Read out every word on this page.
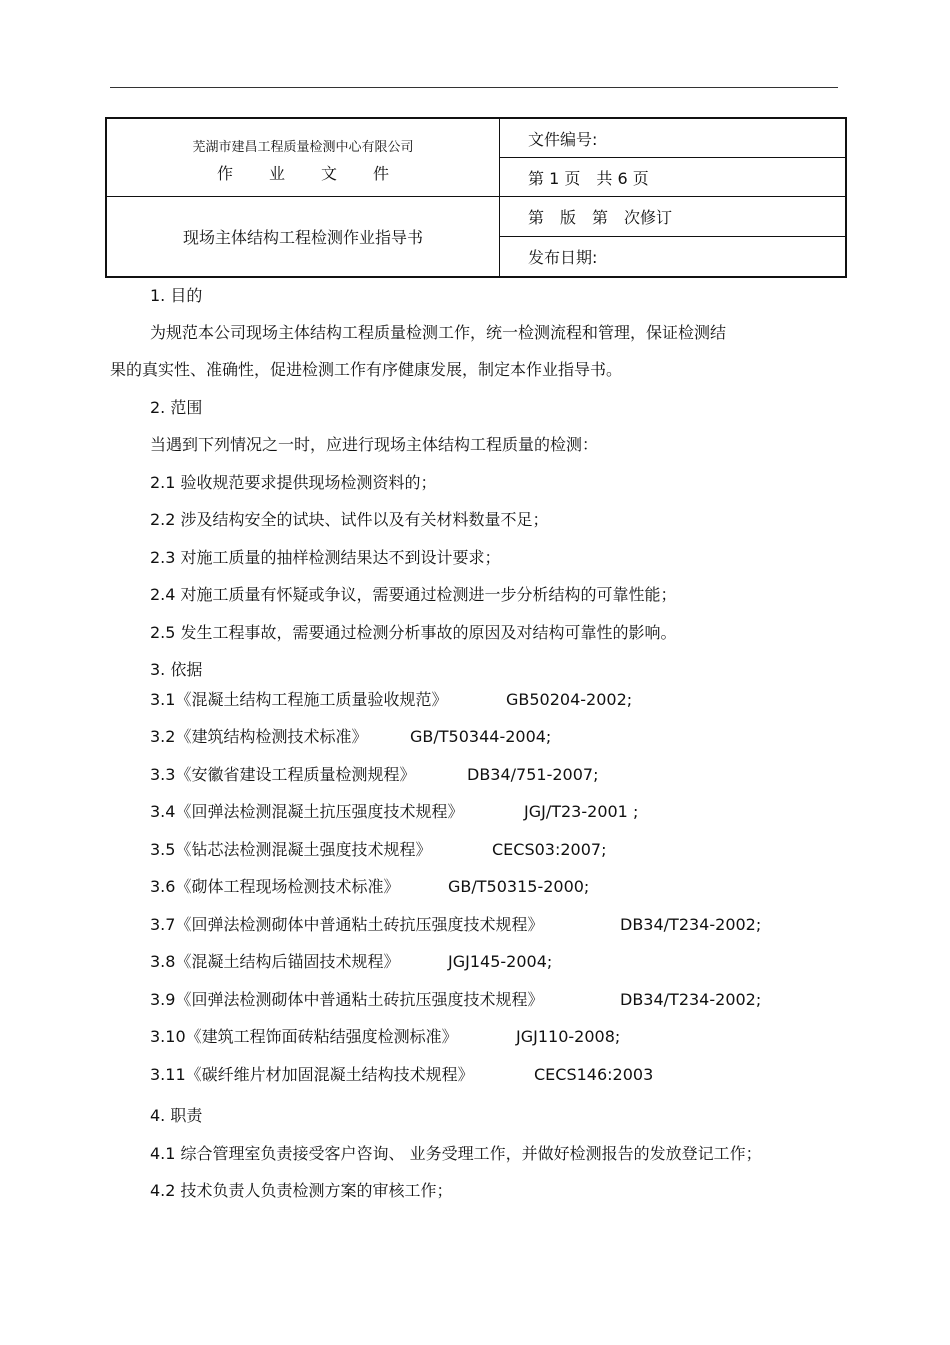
芜湖市建昌工程质量检测中心有限公司
作 业 文 件	文件编号:
	第 1 页　共 6 页
现场主体结构工程检测作业指导书	第　版　第　次修订
	发布日期:
1. 目的
为规范本公司现场主体结构工程质量检测工作，统一检测流程和管理，保证检测结
果的真实性、准确性，促进检测工作有序健康发展，制定本作业指导书。
2. 范围
当遇到下列情况之一时，应进行现场主体结构工程质量的检测：
2.1 验收规范要求提供现场检测资料的；
2.2 涉及结构安全的试块、试件以及有关材料数量不足；
2.3 对施工质量的抽样检测结果达不到设计要求；
2.4 对施工质量有怀疑或争议，需要通过检测进一步分析结构的可靠性能；
2.5 发生工程事故，需要通过检测分析事故的原因及对结构可靠性的影响。
3. 依据
3.1《混凝土结构工程施工质量验收规范》	GB50204-2002;
3.2《建筑结构检测技术标准》	GB/T50344-2004;
3.3《安徽省建设工程质量检测规程》	DB34/751-2007;
3.4《回弹法检测混凝土抗压强度技术规程》	JGJ/T23-2001 ;
3.5《钻芯法检测混凝土强度技术规程》	CECS03:2007;
3.6《砌体工程现场检测技术标准》	GB/T50315-2000;
3.7《回弹法检测砌体中普通粘土砖抗压强度技术规程》	DB34/T234-2002;
3.8《混凝土结构后锚固技术规程》	JGJ145-2004;
3.9《回弹法检测砌体中普通粘土砖抗压强度技术规程》	DB34/T234-2002;
3.10《建筑工程饰面砖粘结强度检测标准》	JGJ110-2008;
3.11《碳纤维片材加固混凝土结构技术规程》	CECS146:2003
4. 职责
4.1 综合管理室负责接受客户咨询、 业务受理工作，并做好检测报告的发放登记工作；
4.2 技术负责人负责检测方案的审核工作；
